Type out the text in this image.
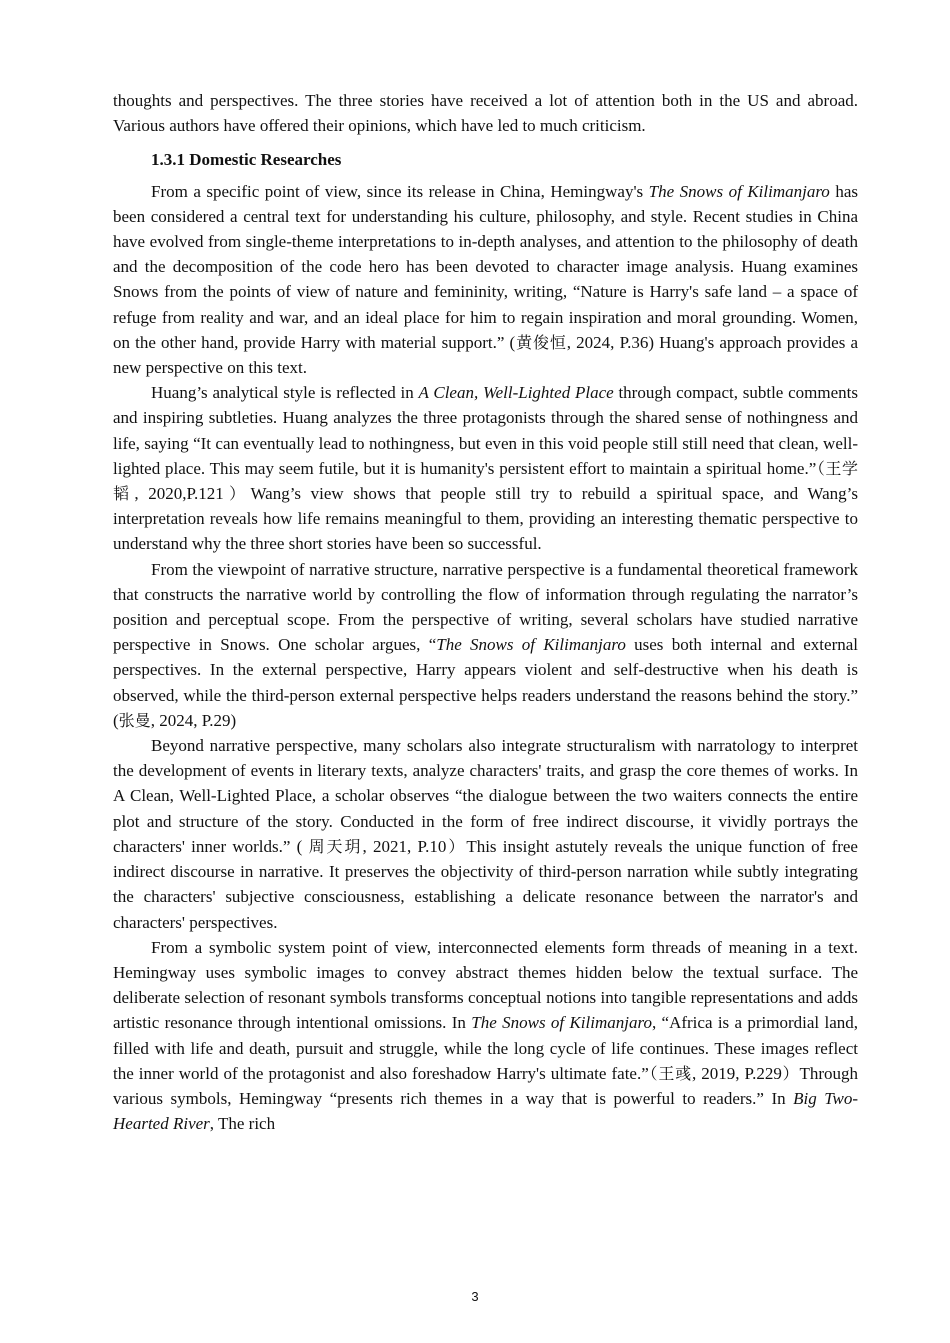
thoughts and perspectives. The three stories have received a lot of attention both in the US and abroad. Various authors have offered their opinions, which have led to much criticism.

1.3.1 Domestic Researches

From a specific point of view, since its release in China, Hemingway's The Snows of Kilimanjaro has been considered a central text for understanding his culture, philosophy, and style. Recent studies in China have evolved from single-theme interpretations to in-depth analyses, and attention to the philosophy of death and the decomposition of the code hero has been devoted to character image analysis. Huang examines Snows from the points of view of nature and femininity, writing, “Nature is Harry's safe land – a space of refuge from reality and war, and an ideal place for him to regain inspiration and moral grounding. Women, on the other hand, provide Harry with material support.” (黄俊恒, 2024, P.36) Huang's approach provides a new perspective on this text.

Huang’s analytical style is reflected in A Clean, Well-Lighted Place through compact, subtle comments and inspiring subtleties. Huang analyzes the three protagonists through the shared sense of nothingness and life, saying “It can eventually lead to nothingness, but even in this void people still still need that clean, well-lighted place. This may seem futile, but it is humanity's persistent effort to maintain a spiritual home.”（王学韬, 2020,P.121）Wang’s view shows that people still try to rebuild a spiritual space, and Wang’s interpretation reveals how life remains meaningful to them, providing an interesting thematic perspective to understand why the three short stories have been so successful.

From the viewpoint of narrative structure, narrative perspective is a fundamental theoretical framework that constructs the narrative world by controlling the flow of information through regulating the narrator’s position and perceptual scope. From the perspective of writing, several scholars have studied narrative perspective in Snows. One scholar argues, “The Snows of Kilimanjaro uses both internal and external perspectives. In the external perspective, Harry appears violent and self-destructive when his death is observed, while the third-person external perspective helps readers understand the reasons behind the story.” (张曼, 2024, P.29)

Beyond narrative perspective, many scholars also integrate structuralism with narratology to interpret the development of events in literary texts, analyze characters' traits, and grasp the core themes of works. In A Clean, Well-Lighted Place, a scholar observes “the dialogue between the two waiters connects the entire plot and structure of the story. Conducted in the form of free indirect discourse, it vividly portrays the characters' inner worlds.” ( 周天玥, 2021, P.10）This insight astutely reveals the unique function of free indirect discourse in narrative. It preserves the objectivity of third-person narration while subtly integrating the characters' subjective consciousness, establishing a delicate resonance between the narrator's and characters' perspectives.

From a symbolic system point of view, interconnected elements form threads of meaning in a text. Hemingway uses symbolic images to convey abstract themes hidden below the textual surface. The deliberate selection of resonant symbols transforms conceptual notions into tangible representations and adds artistic resonance through intentional omissions. In The Snows of Kilimanjaro, “Africa is a primordial land, filled with life and death, pursuit and struggle, while the long cycle of life continues. These images reflect the inner world of the protagonist and also foreshadow Harry's ultimate fate.”（王彧, 2019, P.229）Through various symbols, Hemingway “presents rich themes in a way that is powerful to readers.” In Big Two-Hearted River, The rich

3
